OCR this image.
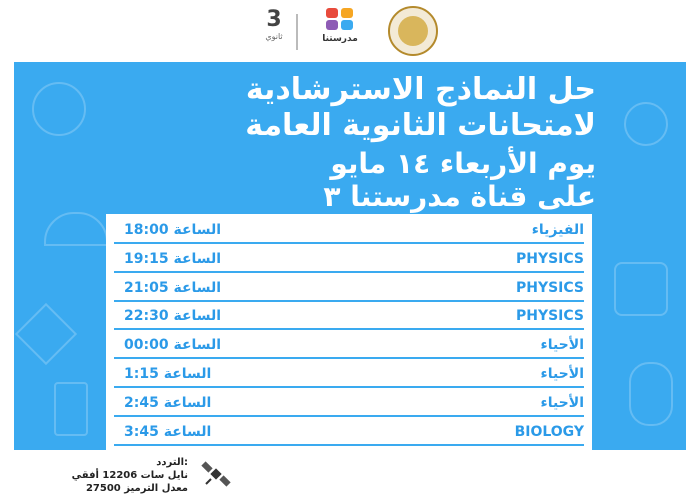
3
ثانوي	مدرستنا
حل النماذج الاسترشادية
لامتحانات الثانوية العامة
يوم الأربعاء ١٤ مايو
على قناة مدرستنا ٣
الفيزياء
الساعة 18:00
PHYSICS
الساعة 19:15
PHYSICS
الساعة 21:05
PHYSICS
الساعة 22:30
الأحياء
الساعة 00:00
الأحياء
الساعة 1:15
الأحياء
الساعة 2:45
BIOLOGY
الساعة 3:45
التردد:
نايل سات 12206 أفقي
معدل الترميز 27500
